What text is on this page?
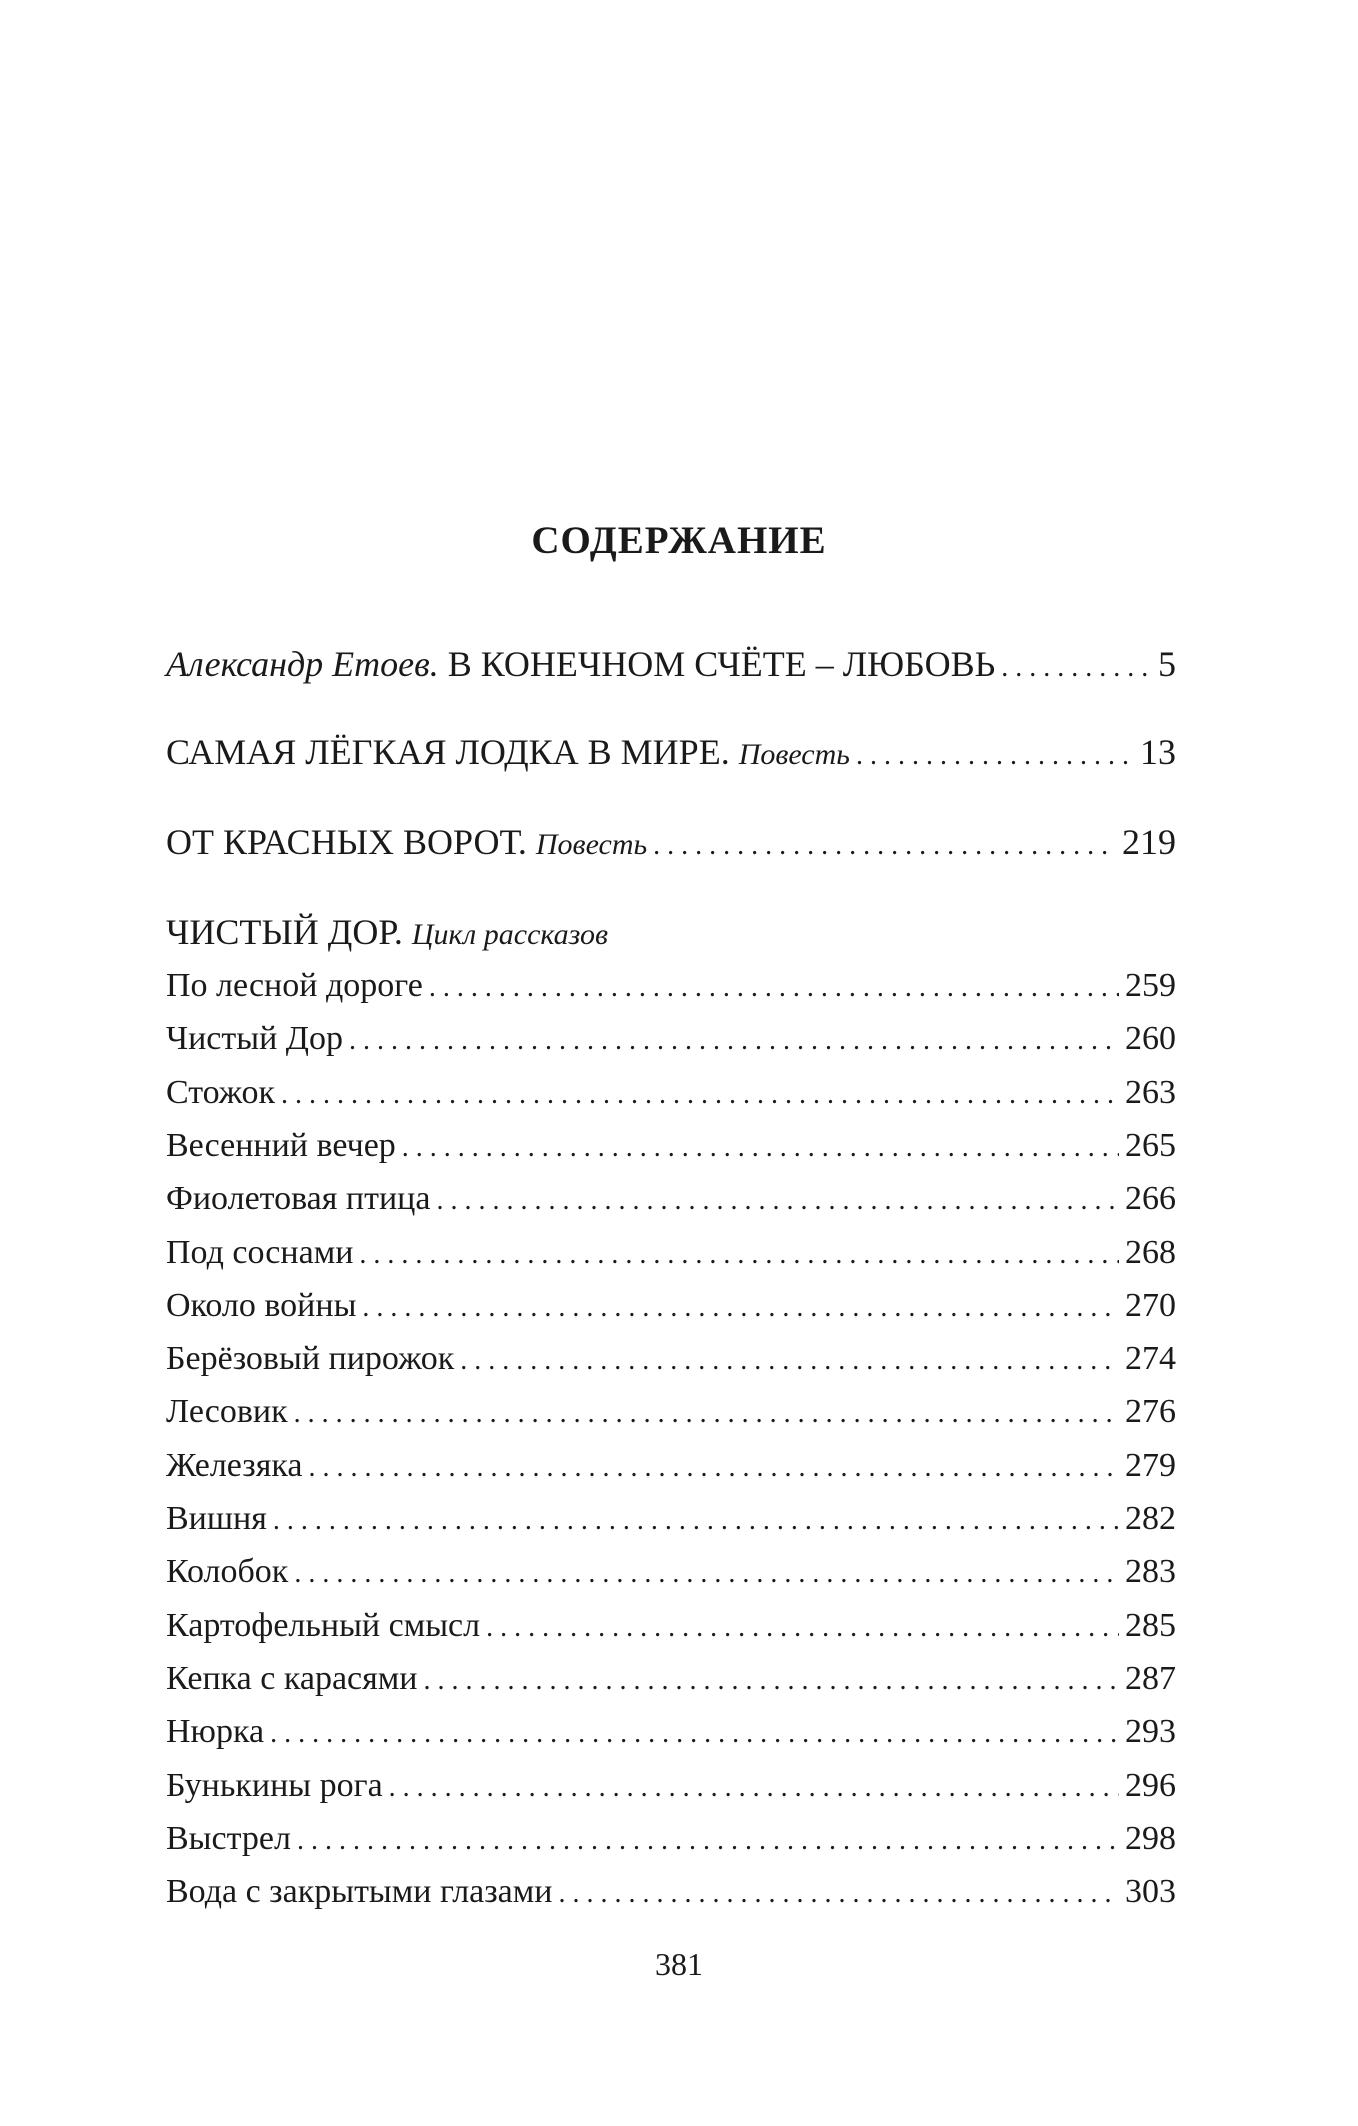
СОДЕРЖАНИЕ
Александр Етоев. В КОНЕЧНОМ СЧЁТЕ – ЛЮБОВЬ . . .	5
САМАЯ ЛЁГКАЯ ЛОДКА В МИРЕ. Повесть . . .	13
ОТ КРАСНЫХ ВОРОТ. Повесть . . .	219
ЧИСТЫЙ ДОР. Цикл рассказов
По лесной дороге . . .	259
Чистый Дор . . .	260
Стожок . . .	263
Весенний вечер . . .	265
Фиолетовая птица . . .	266
Под соснами . . .	268
Около войны . . .	270
Берёзовый пирожок . . .	274
Лесовик . . .	276
Железяка . . .	279
Вишня . . .	282
Колобок . . .	283
Картофельный смысл . . .	285
Кепка с карасями . . .	287
Нюрка . . .	293
Бунькины рога . . .	296
Выстрел . . .	298
Вода с закрытыми глазами . . .	303
381
